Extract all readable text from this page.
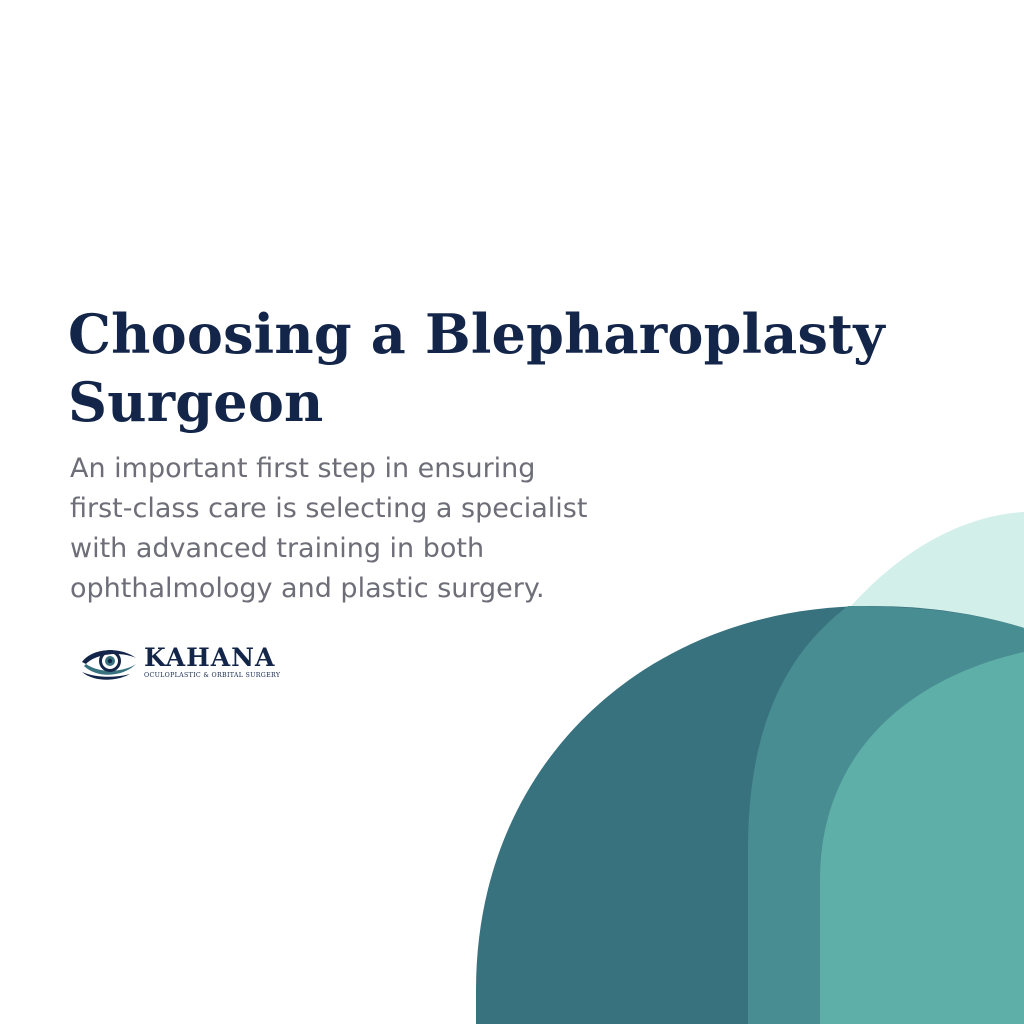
Choosing a Blepharoplasty
Surgeon

An important first step in ensuring
first-class care is selecting a specialist
with advanced training in both
ophthalmology and plastic surgery.

KAHANA
OCULOPLASTIC & ORBITAL SURGERY
